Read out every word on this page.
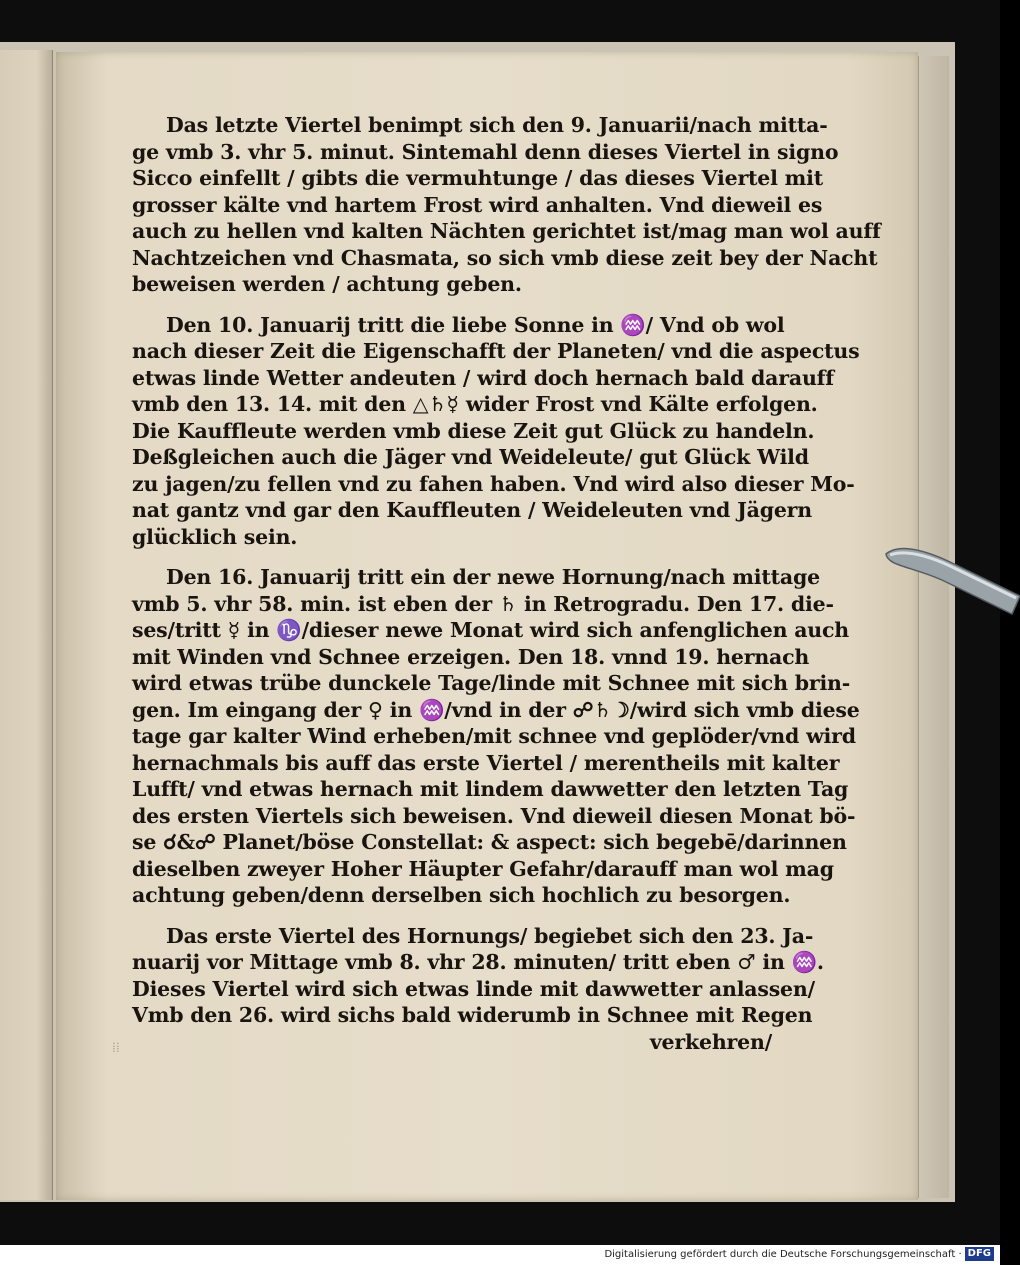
Das letzte Viertel benimpt sich den 9. Januarii/nach mitta-

ge vmb 3. vhr 5. minut. Sintemahl denn dieses Viertel in signo

Sicco einfellt / gibts die vermuhtunge / das dieses Viertel mit

grosser kälte vnd hartem Frost wird anhalten. Vnd dieweil es

auch zu hellen vnd kalten Nächten gerichtet ist/mag man wol auff

Nachtzeichen vnd Chasmata, so sich vmb diese zeit bey der Nacht

beweisen werden / achtung geben.

Den 10. Januarij tritt die liebe Sonne in ♒/ Vnd ob wol

nach dieser Zeit die Eigenschafft der Planeten/ vnd die aspectus

etwas linde Wetter andeuten / wird doch hernach bald darauff

vmb den 13. 14. mit den △♄☿ wider Frost vnd Kälte erfolgen.

Die Kauffleute werden vmb diese Zeit gut Glück zu handeln.

Deßgleichen auch die Jäger vnd Weideleute/ gut Glück Wild

zu jagen/zu fellen vnd zu fahen haben. Vnd wird also dieser Mo-

nat gantz vnd gar den Kauffleuten / Weideleuten vnd Jägern

glücklich sein.

Den 16. Januarij tritt ein der newe Hornung/nach mittage

vmb 5. vhr 58. min. ist eben der ♄ in Retrogradu. Den 17. die-

ses/tritt ☿ in ♑/dieser newe Monat wird sich anfenglichen auch

mit Winden vnd Schnee erzeigen. Den 18. vnnd 19. hernach

wird etwas trübe dunckele Tage/linde mit Schnee mit sich brin-

gen. Im eingang der ♀ in ♒/vnd in der ☍♄☽/wird sich vmb diese

tage gar kalter Wind erheben/mit schnee vnd geplöder/vnd wird

hernachmals bis auff das erste Viertel / merentheils mit kalter

Lufft/ vnd etwas hernach mit lindem dawwetter den letzten Tag

des ersten Viertels sich beweisen. Vnd dieweil diesen Monat bö-

se ☌&☍ Planet/böse Constellat: & aspect: sich begebē/darinnen

dieselben zweyer Hoher Häupter Gefahr/darauff man wol mag

achtung geben/denn derselben sich hochlich zu besorgen.

Das erste Viertel des Hornungs/ begiebet sich den 23. Ja-

nuarij vor Mittage vmb 8. vhr 28. minuten/ tritt eben ♂ in ♒.

Dieses Viertel wird sich etwas linde mit dawwetter anlassen/

Vmb den 26. wird sichs bald widerumb in Schnee mit Regen

verkehren/

⁞⁞
Digitalisierung gefördert durch die Deutsche Forschungsgemeinschaft · DFG
